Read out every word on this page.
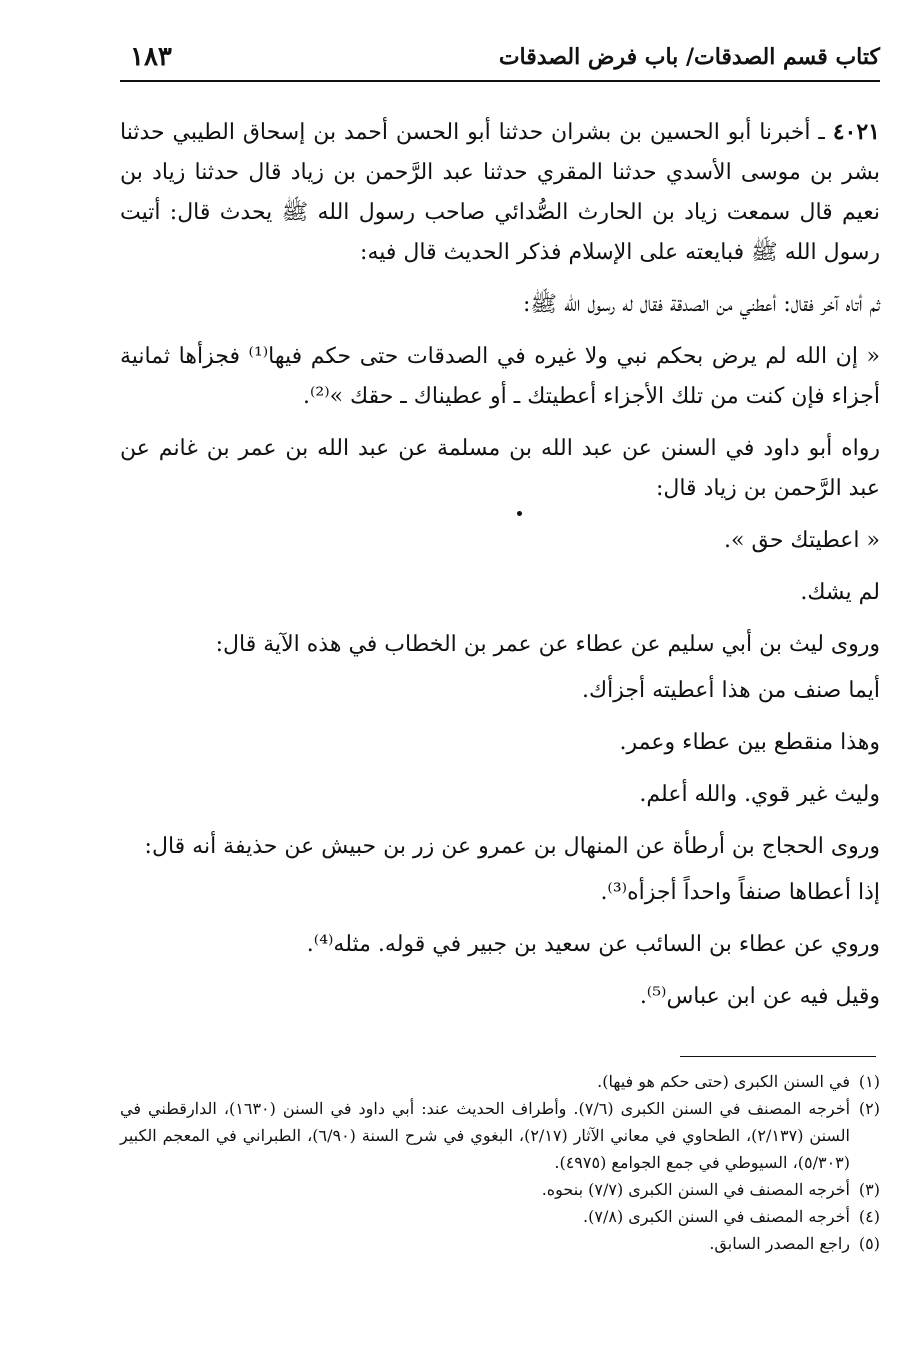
كتاب قسم الصدقات/ باب فرض الصدقات
١٨٣

٤٠٢١ ـ أخبرنا أبو الحسين بن بشران حدثنا أبو الحسن أحمد بن إسحاق الطيبي حدثنا بشر بن موسى الأسدي حدثنا المقري حدثنا عبد الرَّحمن بن زياد قال حدثنا زياد بن نعيم قال سمعت زياد بن الحارث الصُّدائي صاحب رسول الله ﷺ يحدث قال: أتيت رسول الله ﷺ فبايعته على الإسلام فذكر الحديث قال فيه:

ثم أتاه آخر فقال: أعطني من الصدقة فقال له رسول الله ﷺ:

« إن الله لم يرض بحكم نبي ولا غيره في الصدقات حتى حكم فيها⁽¹⁾ فجزأها ثمانية أجزاء فإن كنت من تلك الأجزاء أعطيتك ـ أو عطيناك ـ حقك »⁽²⁾.

رواه أبو داود في السنن عن عبد الله بن مسلمة عن عبد الله بن عمر بن غانم عن عبد الرَّحمن بن زياد قال:

« اعطيتك حق ».

لم يشك.

وروى ليث بن أبي سليم عن عطاء عن عمر بن الخطاب في هذه الآية قال:

أيما صنف من هذا أعطيته أجزأك.

وهذا منقطع بين عطاء وعمر.

وليث غير قوي. والله أعلم.

وروى الحجاج بن أرطأة عن المنهال بن عمرو عن زر بن حبيش عن حذيفة أنه قال:

إذا أعطاها صنفاً واحداً أجزأه⁽³⁾.

وروي عن عطاء بن السائب عن سعيد بن جبير في قوله. مثله⁽⁴⁾.

وقيل فيه عن ابن عباس⁽⁵⁾.

(١)
في السنن الكبرى (حتى حكم هو فيها).
(٢)
أخرجه المصنف في السنن الكبرى (٧/٦). وأطراف الحديث عند: أبي داود في السنن (١٦٣٠)، الدارقطني في السنن (٢/١٣٧)، الطحاوي في معاني الآثار (٢/١٧)، البغوي في شرح السنة (٦/٩٠)، الطبراني في المعجم الكبير (٥/٣٠٣)، السيوطي في جمع الجوامع (٤٩٧٥).
(٣)
أخرجه المصنف في السنن الكبرى (٧/٧) بنحوه.
(٤)
أخرجه المصنف في السنن الكبرى (٧/٨).
(٥)
راجع المصدر السابق.
